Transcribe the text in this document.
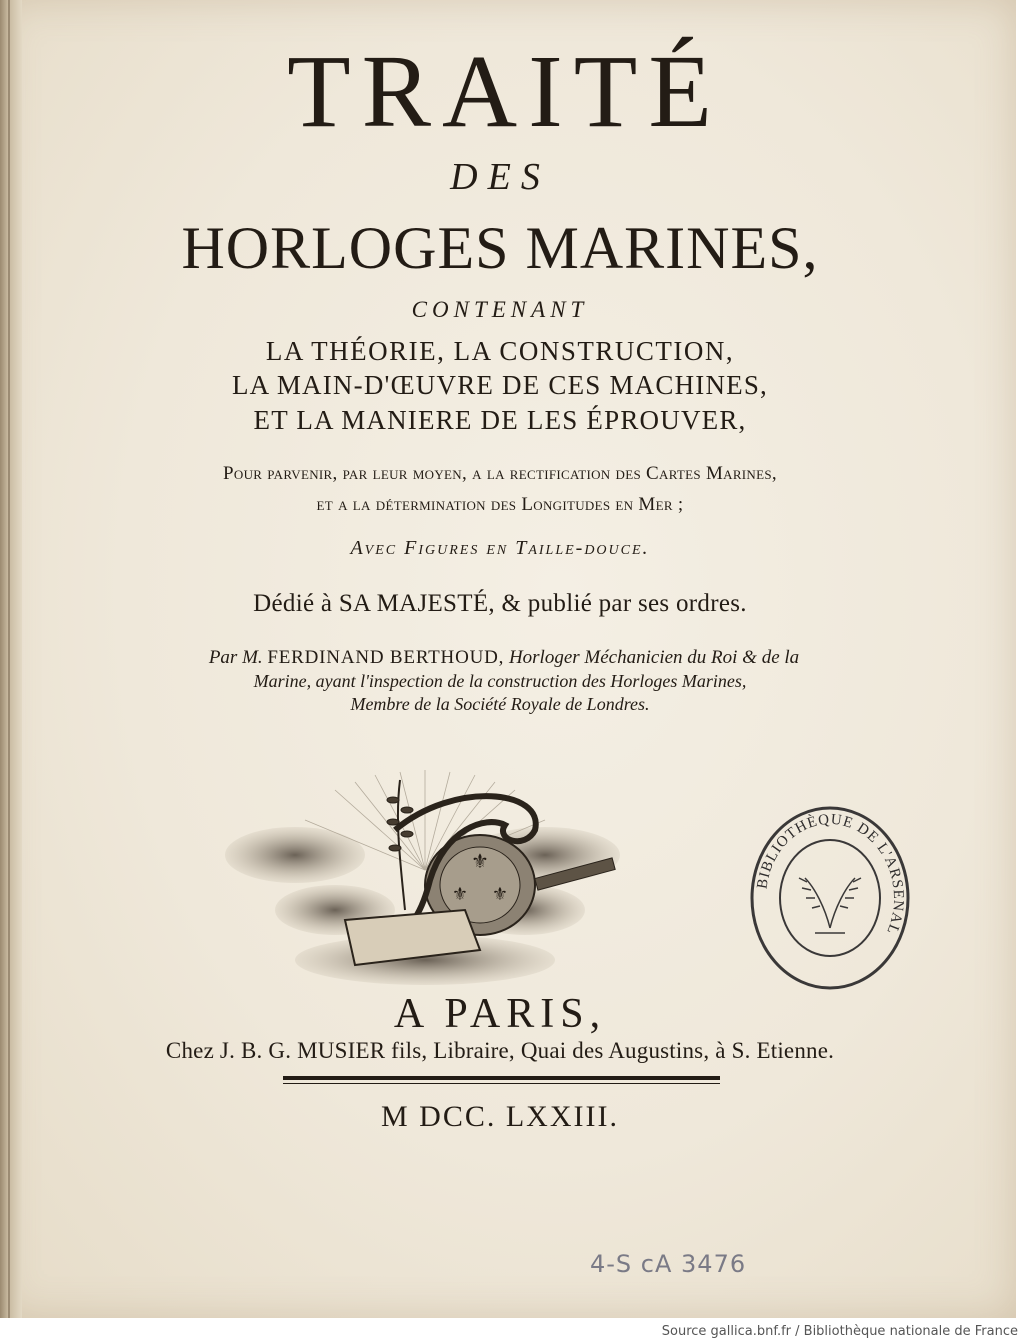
TRAITÉ
DES
HORLOGES MARINES,
CONTENANT
LA THÉORIE, LA CONSTRUCTION,
LA MAIN-D'ŒUVRE DE CES MACHINES,
ET LA MANIERE DE LES ÉPROUVER,
Pour parvenir, par leur moyen, a la rectification des Cartes Marines,
et a la détermination des Longitudes en Mer ;
Avec Figures en Taille-douce.
Dédié à SA MAJESTÉ, & publié par ses ordres.
Par M. FERDINAND BERTHOUD, Horloger Méchanicien du Roi & de la
Marine, ayant l'inspection de la construction des Horloges Marines,
Membre de la Société Royale de Londres.
⚜
⚜ ⚜
BIBLIOTHÈQUE DE L'ARSENAL
A PARIS,
Chez J. B. G. MUSIER fils, Libraire, Quai des Augustins, à S. Etienne.
M DCC. LXXIII.
4-S cA 3476
Source gallica.bnf.fr / Bibliothèque nationale de France
